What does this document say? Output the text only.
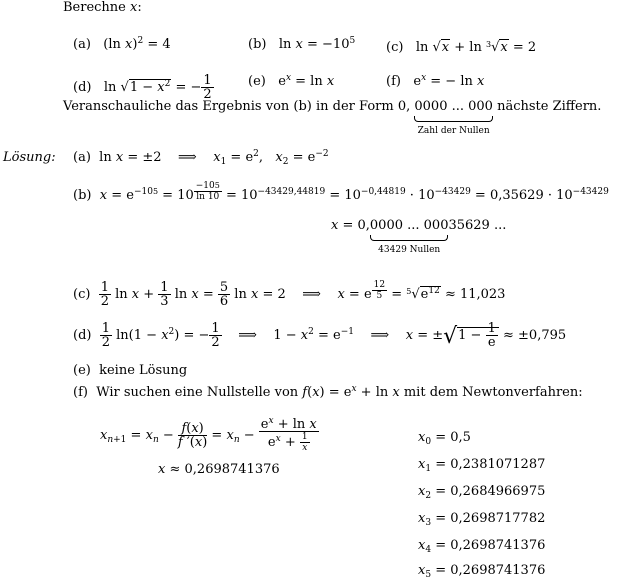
Berechne x:
(a)   (ln x)$^2$ = 4	(b)   $\ln x = -10^5$ (c)   ln √x + ln $^3$√x = 2
(d)   $\ln √1 - x^2$ = − $\frac{1}{2}$	(e)   $e^x = \ln x$	(f)   $e^x$ = − ln x
Veranschauliche das Ergebnis von (b) in der Form 0, 0000 ... 000
Zahl der Nullen
nächste Ziffern.
Lösung: (a)  ln x = ±2    ⟹    $x_1 = e^2$,   $x_2 = e^{-2}$
(b) $x = e^{-105} = 10$ $^{\frac{-105}{\ln 10}} = 10^{-43429,44819} = 10^{-0,44819} \cdot 10^{-43429} = 0,35629 \cdot 10^{-43429}$
x = 0,0000 ... 000
43429 Nullen
35629 ...
$(c) \frac{1}{2}$ $\ln x + \frac{1}{3}$ $\ln x = \frac{5}{6}$ ln x = 2    ⟹    x = e $^{\frac{12}{5}} = ^5√e^{12} \approx 11,023$
$(d) \frac{1}{2} \ln(1 - x^2)$ = − $\frac{1}{2}$ ⟹    $1 - x^2 = e^{-1}$    ⟹    $x = \pm√1 - \frac{1}{e} \approx \pm 0,795$
(e) keine Lösung
(f)  Wir suchen eine Nullstelle von $f(x) = e^x + \ln x$ mit dem Newtonverfahren:
$x_{n+1} = x_n - \frac{f(x)}{f '(x)} = x_n - \frac{e^x + \ln x}{e^x + \frac{1}{x}}$
x ≈ 0,2698741376
$x_0 = 0,5$
$x_1 = 0,2381071287$
$x_2 = 0,2684966975$
$x_3 = 0,2698717782$
$x_4 = 0,2698741376$
$x_5 = 0,2698741376$
